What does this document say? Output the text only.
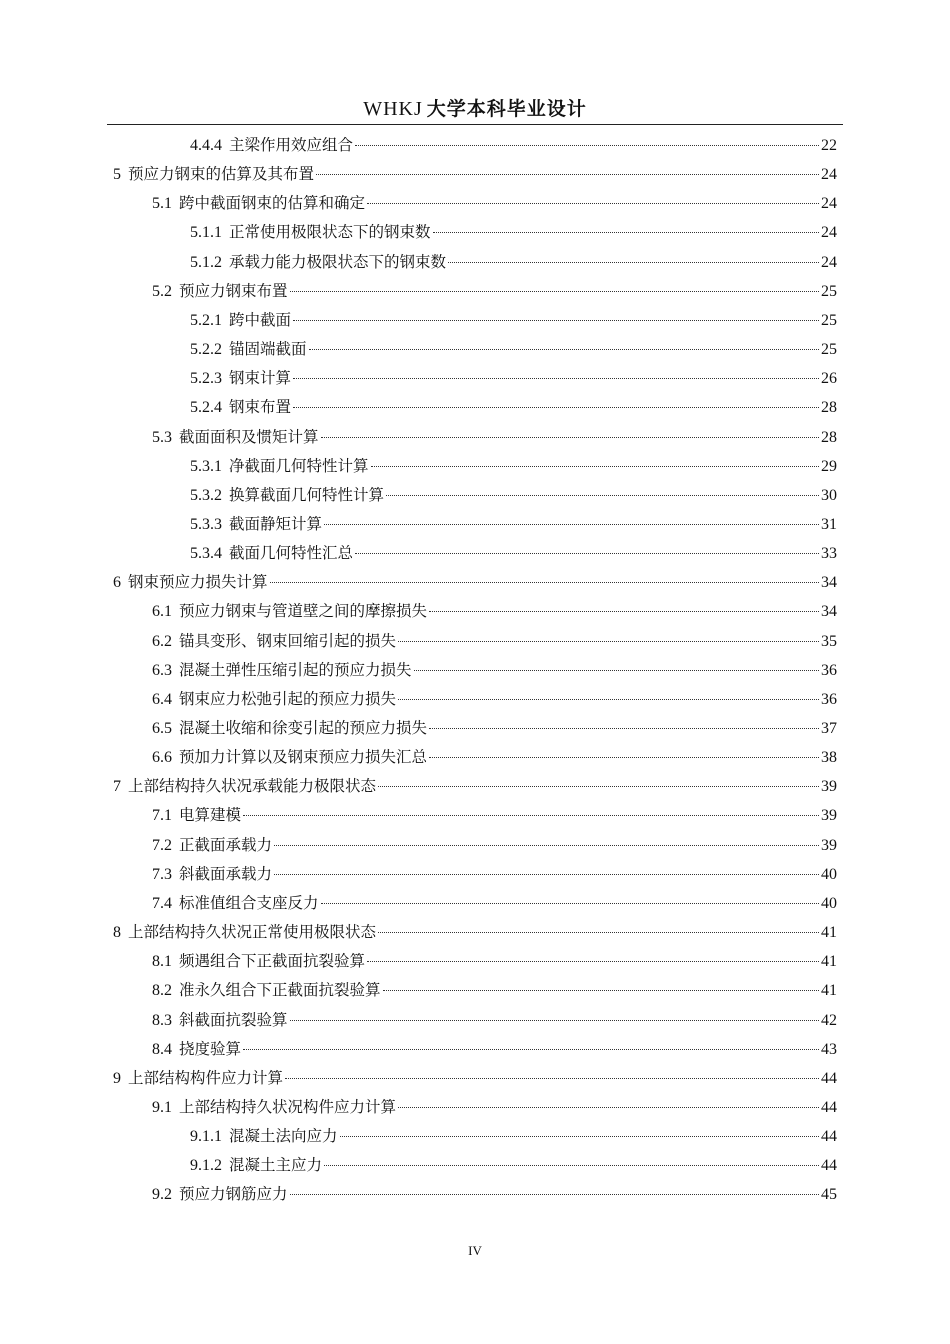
WHKJ 大学本科毕业设计
4.4.4 主梁作用效应组合	22
5 预应力钢束的估算及其布置	24
5.1 跨中截面钢束的估算和确定	24
5.1.1 正常使用极限状态下的钢束数	24
5.1.2 承载力能力极限状态下的钢束数	24
5.2 预应力钢束布置	25
5.2.1 跨中截面	25
5.2.2 锚固端截面	25
5.2.3 钢束计算	26
5.2.4 钢束布置	28
5.3 截面面积及惯矩计算	28
5.3.1 净截面几何特性计算	29
5.3.2 换算截面几何特性计算	30
5.3.3 截面静矩计算	31
5.3.4 截面几何特性汇总	33
6 钢束预应力损失计算	34
6.1 预应力钢束与管道壁之间的摩擦损失	34
6.2 锚具变形、钢束回缩引起的损失	35
6.3 混凝土弹性压缩引起的预应力损失	36
6.4 钢束应力松弛引起的预应力损失	36
6.5 混凝土收缩和徐变引起的预应力损失	37
6.6 预加力计算以及钢束预应力损失汇总	38
7 上部结构持久状况承载能力极限状态	39
7.1 电算建模	39
7.2 正截面承载力	39
7.3 斜截面承载力	40
7.4 标准值组合支座反力	40
8 上部结构持久状况正常使用极限状态	41
8.1 频遇组合下正截面抗裂验算	41
8.2 准永久组合下正截面抗裂验算	41
8.3 斜截面抗裂验算	42
8.4 挠度验算	43
9 上部结构构件应力计算	44
9.1 上部结构持久状况构件应力计算	44
9.1.1 混凝土法向应力	44
9.1.2 混凝土主应力	44
9.2 预应力钢筋应力	45
IV
